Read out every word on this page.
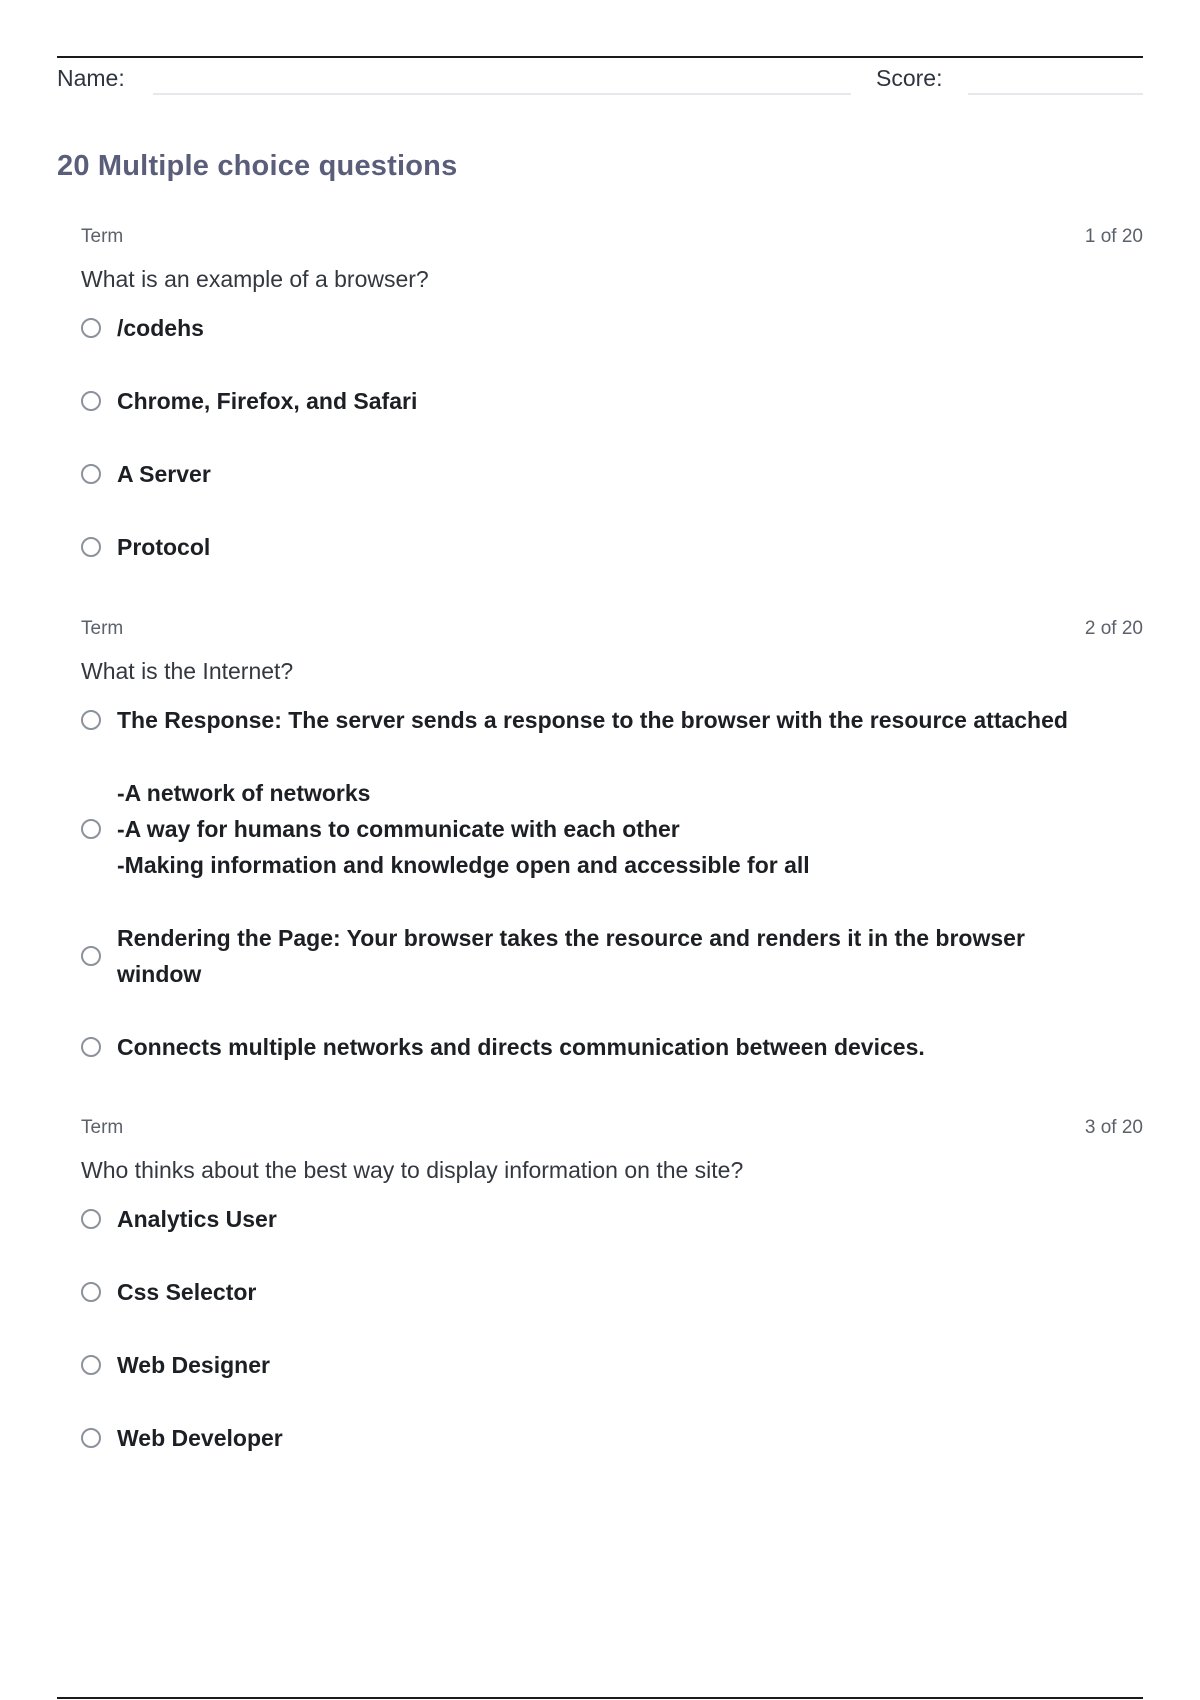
Name:	Score:
20 Multiple choice questions
Term	1 of 20
What is an example of a browser?
/codehs
Chrome, Firefox, and Safari
A Server
Protocol
Term	2 of 20
What is the Internet?
The Response: The server sends a response to the browser with the resource attached
-A network of networks
-A way for humans to communicate with each other
-Making information and knowledge open and accessible for all
Rendering the Page: Your browser takes the resource and renders it in the browser
window
Connects multiple networks and directs communication between devices.
Term	3 of 20
Who thinks about the best way to display information on the site?
Analytics User
Css Selector
Web Designer
Web Developer
